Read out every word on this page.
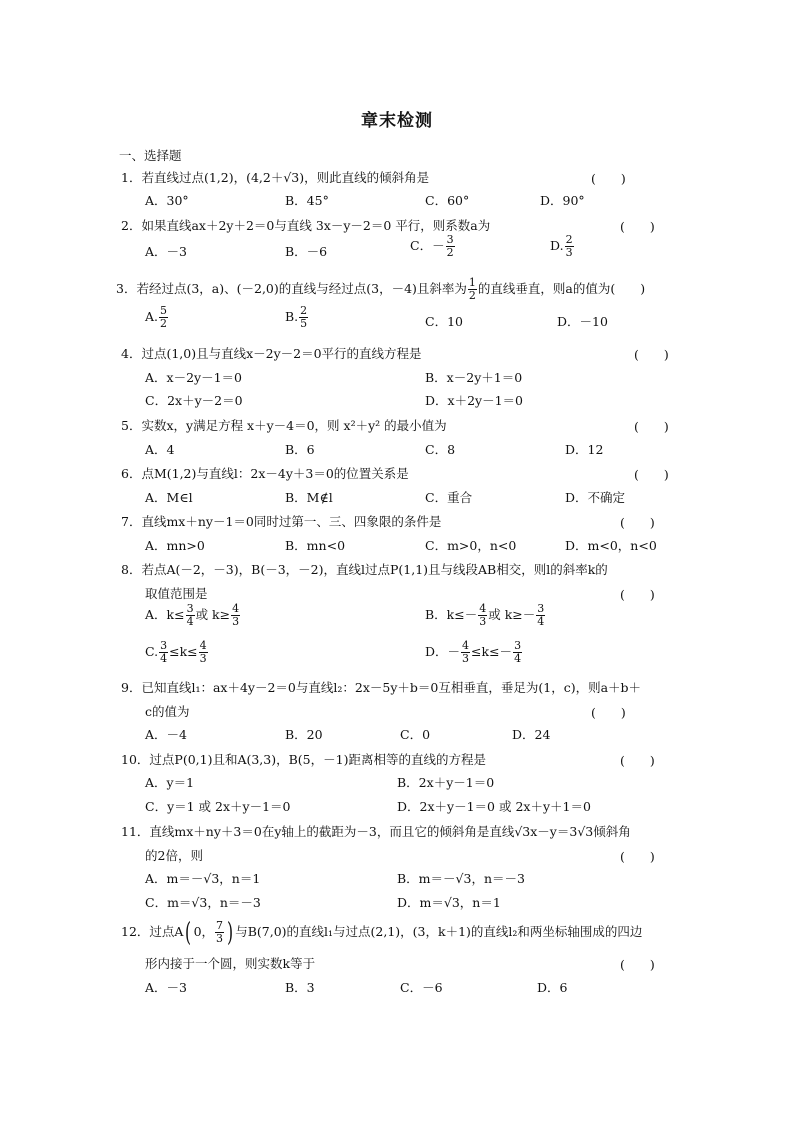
章末检测
一、选择题
1．若直线过点(1,2)，(4,2＋√3)，则此直线的倾斜角是	(　　)
A．30°	B．45°	C．60°	D．90°
2．如果直线ax＋2y＋2＝0与直线 3x－y－2＝0 平行，则系数a为	(　　)
A．－3	B．－6	C．－ $\frac{3}{2}$	D. $\frac{2}{3}$
3．若经过点(3，a)、(－2,0)的直线与经过点(3，－4)且斜率为 $\frac{1}{2}$ 的直线垂直，则a的值为(　　)
A. $\frac{5}{2}$	B. $\frac{2}{5}$	C．10	D．－10
4．过点(1,0)且与直线x－2y－2＝0平行的直线方程是	(　　)
A．x－2y－1＝0	B．x－2y＋1＝0
C．2x＋y－2＝0	D．x＋2y－1＝0
5．实数x，y满足方程 x＋y－4＝0，则 x²＋y² 的最小值为	(　　)
A．4	B．6	C．8	D．12
6．点M(1,2)与直线l：2x－4y＋3＝0的位置关系是	(　　)
A．M∈l	B．M∉l	C．重合	D．不确定
7．直线mx＋ny－1＝0同时过第一、三、四象限的条件是	(　　)
A．mn>0	B．mn<0	C．m>0，n<0	D．m<0，n<0
8．若点A(－2，－3)，B(－3，－2)，直线l过点P(1,1)且与线段AB相交，则l的斜率k的
取值范围是	(　　)
A．$k\le \frac{3}{4}$ 或 $k\ge \frac{4}{3}$	B．$k\le- \frac{4}{3}$ 或 $k\ge- \frac{3}{4}$
C. $\frac{3}{4} \le k\le \frac{4}{3}$	D．－ $\frac{4}{3} \le k\le- \frac{3}{4}$
9．已知直线l₁：ax＋4y－2＝0与直线l₂：2x－5y＋b＝0互相垂直，垂足为(1，c)，则a＋b＋
c的值为	(　　)
A．－4	B．20	C．0	D．24
10．过点P(0,1)且和A(3,3)，B(5，－1)距离相等的直线的方程是	(　　)
A．y＝1	B．2x＋y－1＝0
C．y＝1 或 2x＋y－1＝0	D．2x＋y－1＝0 或 2x＋y＋1＝0
11．直线mx＋ny＋3＝0在y轴上的截距为－3，而且它的倾斜角是直线√3x－y＝3√3倾斜角
的2倍，则	(　　)
A．m＝－√3，n＝1	B．m＝－√3，n＝－3
C．m＝√3，n＝－3	D．m＝√3，n＝1
12．过点A( 0， $\frac{7}{3}$ ) 与B(7,0)的直线l₁与过点(2,1)，(3，k＋1)的直线l₂和两坐标轴围成的四边
形内接于一个圆，则实数k等于	(　　)
A．－3	B．3	C．－6	D．6
